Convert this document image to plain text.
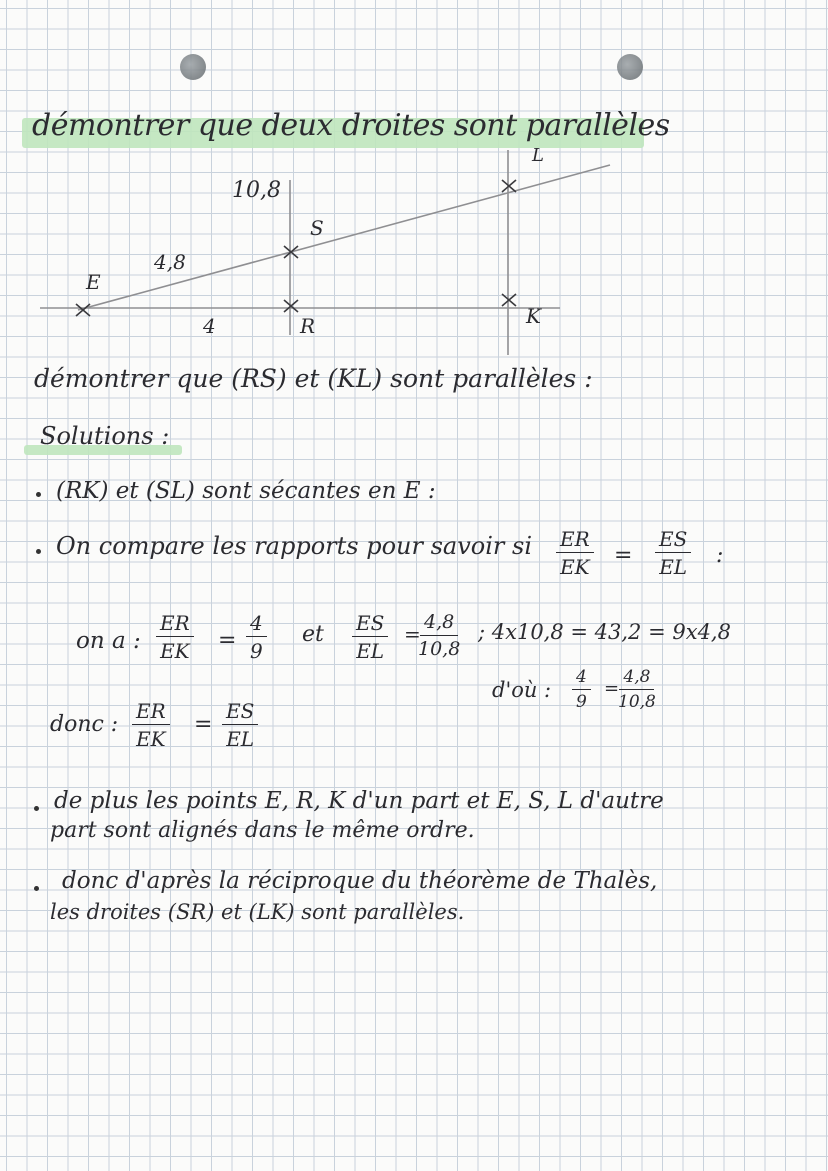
démontrer que deux droites sont parallèles
E
S
R
L
K
4
4,8
10,8
démontrer que (RS) et (KL) sont parallèles :
Solutions :
(RK) et (SL) sont sécantes en E :
On compare les rapports pour savoir si $\frac{ER}{EK} = \frac{ES}{EL}$ :
on a : $\frac{ER}{EK} = \frac{4}{9}$ et $\frac{ES}{EL}$ =
$\frac{4,8}{10,8}$ ; 4x10,8 = 43,2 = 9x4,8
d'où : $\frac{4}{9}$ =
$\frac{4,8}{10,8}$
donc : $\frac{ER}{EK} = \frac{ES}{EL}$
de plus les points E, R, K d'un part et E, S, L d'autre
part sont alignés dans le même ordre.
donc d'après la réciproque du théorème de Thalès,
les droites (SR) et (LK) sont parallèles.
